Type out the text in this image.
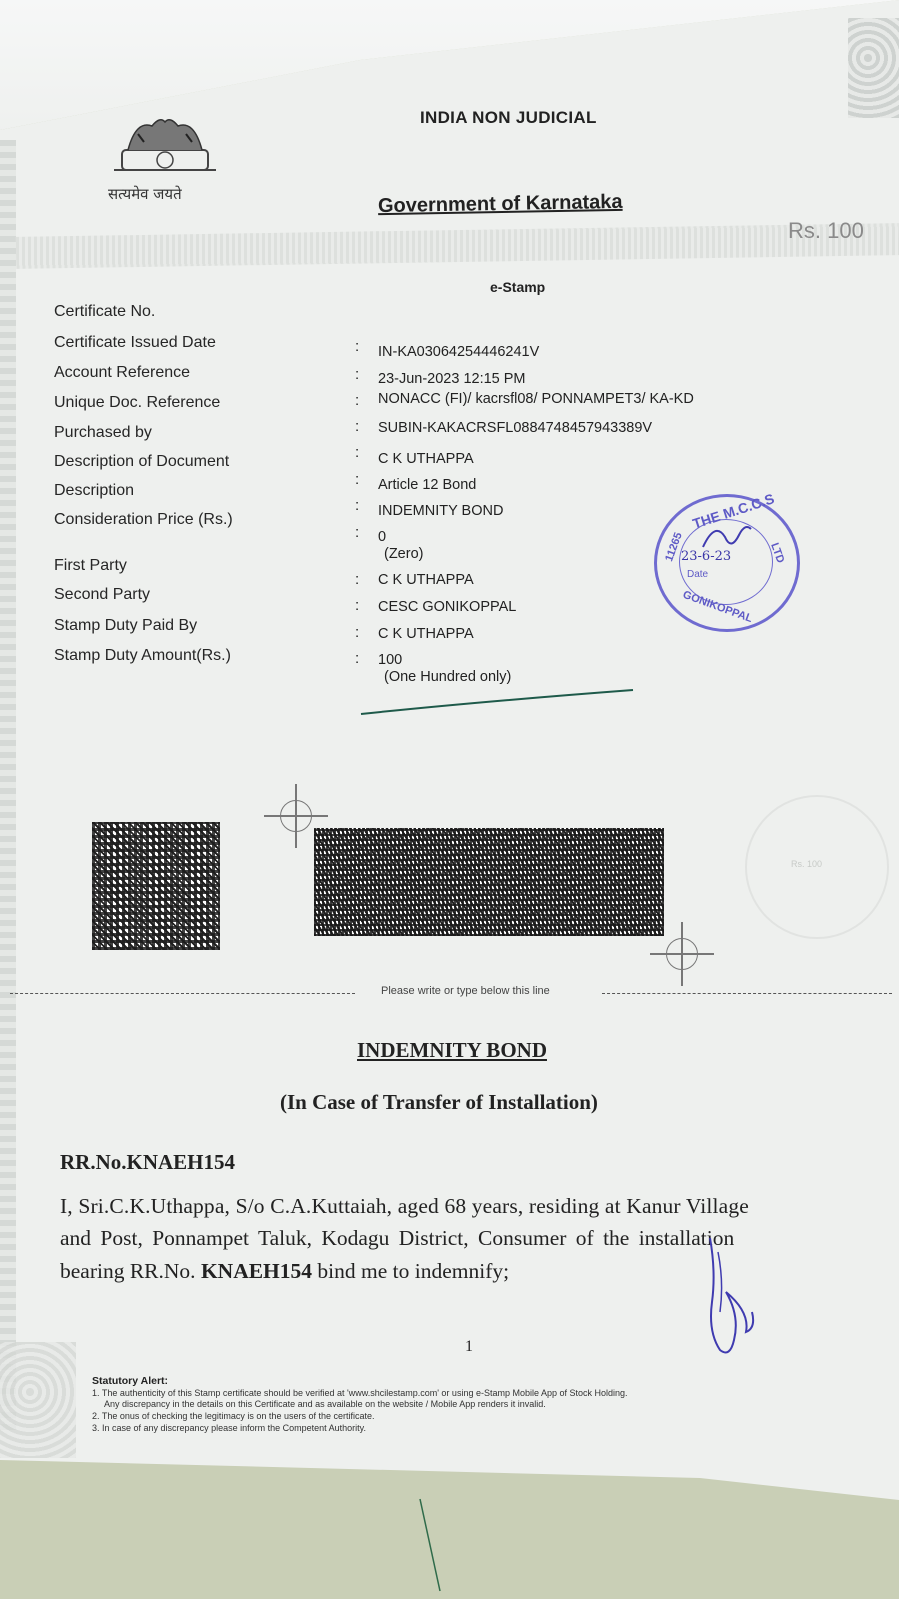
सत्यमेव जयते
INDIA NON JUDICIAL
Government of Karnataka
Rs. 100
e-Stamp
Certificate No.
Certificate Issued Date
Account Reference
Unique Doc. Reference
Purchased by
Description of Document
Description
Consideration Price (Rs.)
First Party
Second Party
Stamp Duty Paid By
Stamp Duty Amount(Rs.)
:
:
:
:
:
:
:
:
:
:
:
:
IN-KA03064254446241V
23-Jun-2023 12:15 PM
NONACC (FI)/ kacrsfl08/ PONNAMPET3/ KA-KD
SUBIN-KAKACRSFL0884748457943389V
C K UTHAPPA
Article 12 Bond
INDEMNITY BOND
0
(Zero)
C K UTHAPPA
CESC GONIKOPPAL
C K UTHAPPA
100
(One Hundred only)
THE M.C.C.S
11265	LTD
23-6-23
Date
GONIKOPPAL
Rs. 100
Please write or type below this line
INDEMNITY BOND
(In Case of Transfer of Installation)
RR.No.KNAEH154
I, Sri.C.K.Uthappa, S/o C.A.Kuttaiah, aged 68 years, residing at Kanur Village
and Post, Ponnampet Taluk, Kodagu District, Consumer of the installation
bearing RR.No. KNAEH154 bind me to indemnify;
1
Statutory Alert:
1. The authenticity of this Stamp certificate should be verified at 'www.shcilestamp.com' or using e-Stamp Mobile App of Stock Holding.
Any discrepancy in the details on this Certificate and as available on the website / Mobile App renders it invalid.
2. The onus of checking the legitimacy is on the users of the certificate.
3. In case of any discrepancy please inform the Competent Authority.
